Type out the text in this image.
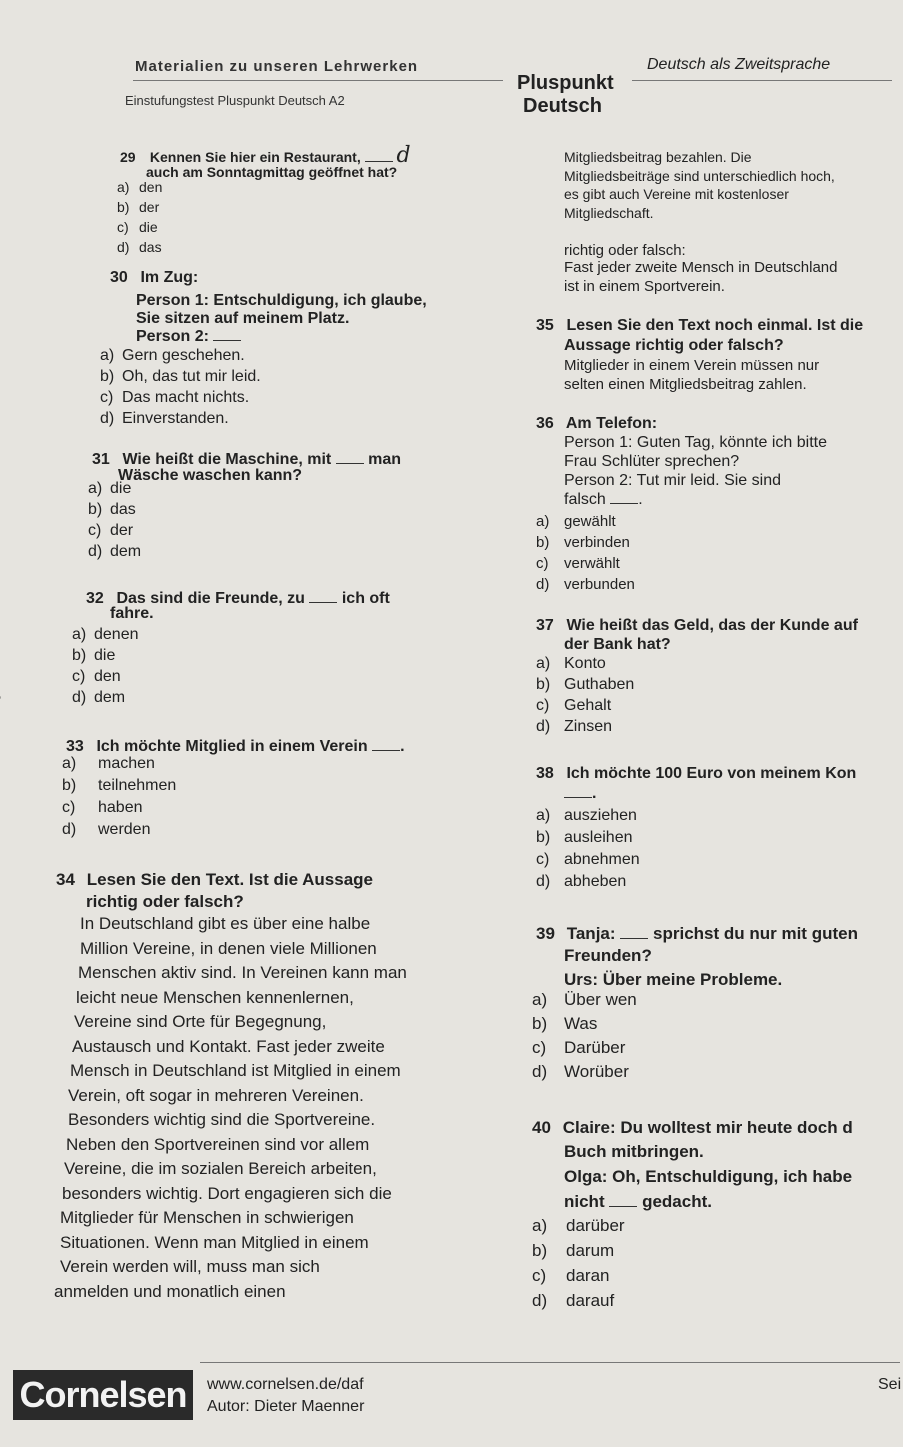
Materialien zu unseren Lehrwerken
Einstufungstest Pluspunkt Deutsch A2
Pluspunkt
Deutsch
Deutsch als Zweitsprache
29 Kennen Sie hier ein Restaurant, d
auch am Sonntagmittag geöffnet hat?
a) den
b) der
c) die
d) das
30 Im Zug:
Person 1: Entschuldigung, ich glaube,
Sie sitzen auf meinem Platz.
Person 2:
a) Gern geschehen.
b) Oh, das tut mir leid.
c) Das macht nichts.
d) Einverstanden.
31 Wie heißt die Maschine, mit man
Wäsche waschen kann?
a) die
b) das
c) der
d) dem
32 Das sind die Freunde, zu ich oft
fahre.
a) denen
b) die
c) den
d) dem
33 Ich möchte Mitglied in einem Verein .
a) machen
b) teilnehmen
c) haben
d) werden
34 Lesen Sie den Text. Ist die Aussage
richtig oder falsch?
In Deutschland gibt es über eine halbe
Million Vereine, in denen viele Millionen
Menschen aktiv sind. In Vereinen kann man
leicht neue Menschen kennenlernen,
Vereine sind Orte für Begegnung,
Austausch und Kontakt. Fast jeder zweite
Mensch in Deutschland ist Mitglied in einem
Verein, oft sogar in mehreren Vereinen.
Besonders wichtig sind die Sportvereine.
Neben den Sportvereinen sind vor allem
Vereine, die im sozialen Bereich arbeiten,
besonders wichtig. Dort engagieren sich die
Mitglieder für Menschen in schwierigen
Situationen. Wenn man Mitglied in einem
Verein werden will, muss man sich
anmelden und monatlich einen
Mitgliedsbeitrag bezahlen. Die
Mitgliedsbeiträge sind unterschiedlich hoch,
es gibt auch Vereine mit kostenloser
Mitgliedschaft.
richtig oder falsch:
Fast jeder zweite Mensch in Deutschland
ist in einem Sportverein.
35 Lesen Sie den Text noch einmal. Ist die
Aussage richtig oder falsch?
Mitglieder in einem Verein müssen nur
selten einen Mitgliedsbeitrag zahlen.
36 Am Telefon:
Person 1: Guten Tag, könnte ich bitte
Frau Schlüter sprechen?
Person 2: Tut mir leid. Sie sind
falsch .
a) gewählt
b) verbinden
c) verwählt
d) verbunden
37 Wie heißt das Geld, das der Kunde auf
der Bank hat?
a) Konto
b) Guthaben
c) Gehalt
d) Zinsen
38 Ich möchte 100 Euro von meinem Kon
.
a) ausziehen
b) ausleihen
c) abnehmen
d) abheben
39 Tanja: sprichst du nur mit guten
Freunden?
Urs: Über meine Probleme.
a) Über wen
b) Was
c) Darüber
d) Worüber
40 Claire: Du wolltest mir heute doch d
Buch mitbringen.
Olga: Oh, Entschuldigung, ich habe
nicht gedacht.
a) darüber
b) darum
c) daran
d) darauf
Cornelsen	www.cornelsen.de/daf
Autor: Dieter Maenner
Sei
